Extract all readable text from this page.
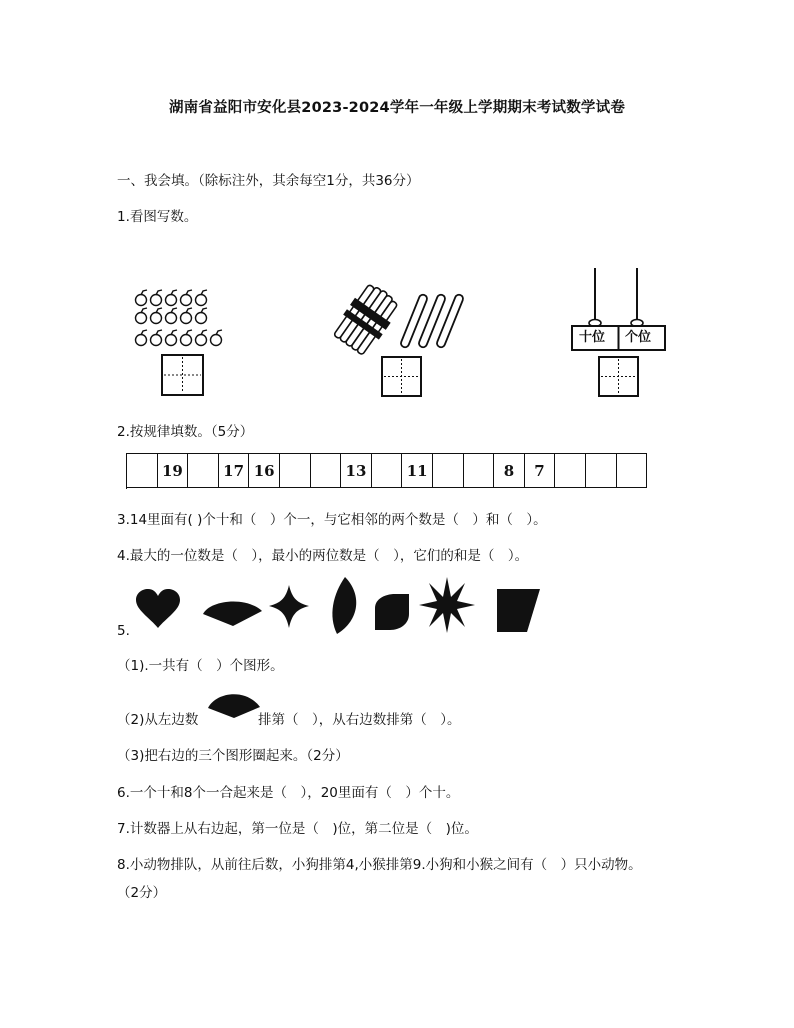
湖南省益阳市安化县2023-2024学年一年级上学期期末考试数学试卷
一、我会填。（除标注外，其余每空1分，共36分）
1.看图写数。
十位 个位
2.按规律填数。（5分）
19	17 16	13	11	8	7
3.14里面有( )个十和（　）个一，与它相邻的两个数是（　）和（　）。
4.最大的一位数是（　），最小的两位数是（　），它们的和是（　）。
5.
（1).一共有（　）个图形。
（2)从左边数	排第（　），从右边数排第（　）。
（3)把右边的三个图形圈起来。（2分）
6.一个十和8个一合起来是（　），20里面有（　）个十。
7.计数器上从右边起，第一位是（　)位，第二位是（　)位。
8.小动物排队，从前往后数，小狗排第4,小猴排第9.小狗和小猴之间有（　）只小动物。
（2分）
